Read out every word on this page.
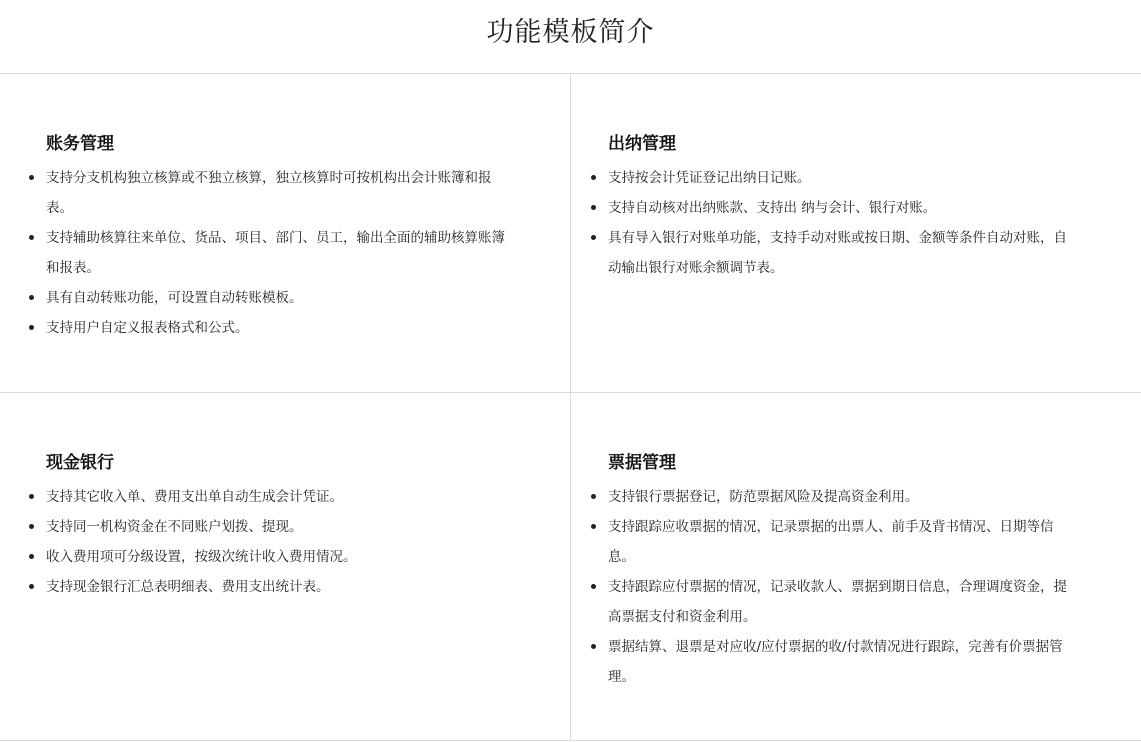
功能模板简介
账务管理
支持分支机构独立核算或不独立核算，独立核算时可按机构出会计账簿和报表。
支持辅助核算往来单位、货品、项目、部门、员工，输出全面的辅助核算账簿和报表。
具有自动转账功能，可设置自动转账模板。
支持用户自定义报表格式和公式。
出纳管理
支持按会计凭证登记出纳日记账。
支持自动核对出纳账款、支持出 纳与会计、银行对账。
具有导入银行对账单功能，支持手动对账或按日期、金额等条件自动对账，自动输出银行对账余额调节表。
现金银行
支持其它收入单、费用支出单自动生成会计凭证。
支持同一机构资金在不同账户划拨、提现。
收入费用项可分级设置，按级次统计收入费用情况。
支持现金银行汇总表明细表、费用支出统计表。
票据管理
支持银行票据登记，防范票据风险及提高资金利用。
支持跟踪应收票据的情况，记录票据的出票人、前手及背书情况、日期等信息。
支持跟踪应付票据的情况，记录收款人、票据到期日信息，合理调度资金，提高票据支付和资金利用。
票据结算、退票是对应收/应付票据的收/付款情况进行跟踪，完善有价票据管理。
